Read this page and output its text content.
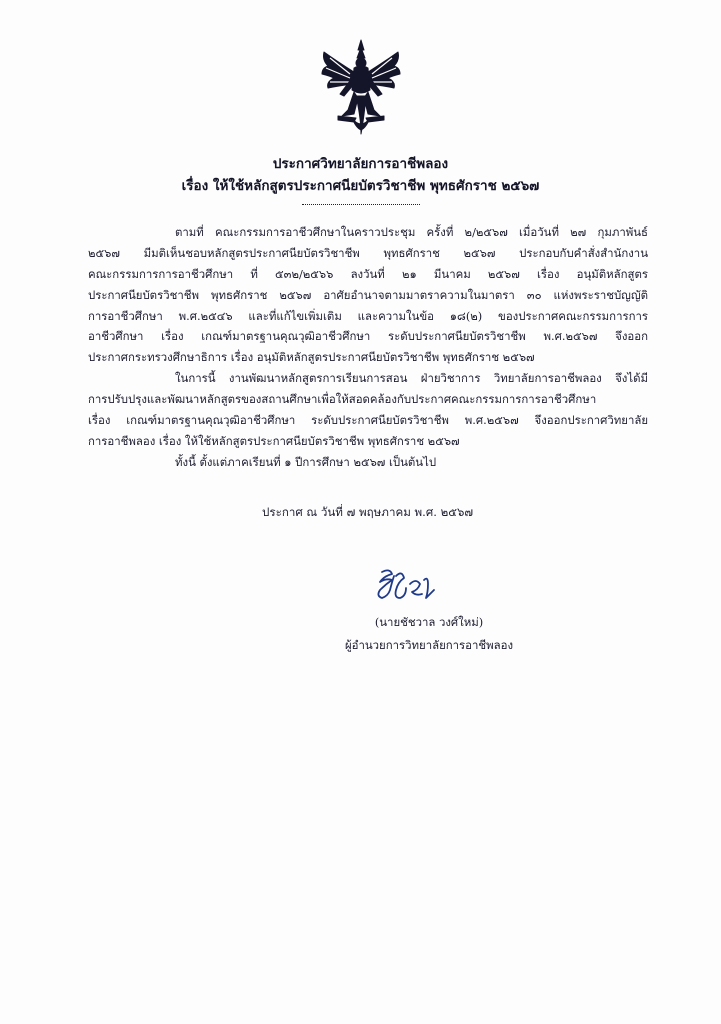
ประกาศวิทยาลัยการอาชีพลอง
เรื่อง ให้ใช้หลักสูตรประกาศนียบัตรวิชาชีพ พุทธศักราช ๒๕๖๗
ตามที่ คณะกรรมการอาชีวศึกษาในคราวประชุม ครั้งที่ ๒/๒๕๖๗ เมื่อวันที่ ๒๗ กุมภาพันธ์
๒๕๖๗ มีมติเห็นชอบหลักสูตรประกาศนียบัตรวิชาชีพ พุทธศักราช ๒๕๖๗ ประกอบกับคำสั่งสำนักงาน
คณะกรรมการการอาชีวศึกษา ที่ ๕๓๒/๒๕๖๖ ลงวันที่ ๒๑ มีนาคม ๒๕๖๗ เรื่อง อนุมัติหลักสูตร
ประกาศนียบัตรวิชาชีพ พุทธศักราช ๒๕๖๗ อาศัยอำนาจตามมาตราความในมาตรา ๓๐ แห่งพระราชบัญญัติ
การอาชีวศึกษา พ.ศ.๒๕๔๖ และที่แก้ไขเพิ่มเติม และความในข้อ ๑๘(๒) ของประกาศคณะกรรมการการ
อาชีวศึกษา เรื่อง เกณฑ์มาตรฐานคุณวุฒิอาชีวศึกษา ระดับประกาศนียบัตรวิชาชีพ พ.ศ.๒๕๖๗ จึงออก
ประกาศกระทรวงศึกษาธิการ เรื่อง อนุมัติหลักสูตรประกาศนียบัตรวิชาชีพ พุทธศักราช ๒๕๖๗
ในการนี้ งานพัฒนาหลักสูตรการเรียนการสอน ฝ่ายวิชาการ วิทยาลัยการอาชีพลอง จึงได้มี
การปรับปรุงและพัฒนาหลักสูตรของสถานศึกษาเพื่อให้สอดคล้องกับประกาศคณะกรรมการการอาชีวศึกษา
เรื่อง เกณฑ์มาตรฐานคุณวุฒิอาชีวศึกษา ระดับประกาศนียบัตรวิชาชีพ พ.ศ.๒๕๖๗ จึงออกประกาศวิทยาลัย
การอาชีพลอง เรื่อง ให้ใช้หลักสูตรประกาศนียบัตรวิชาชีพ พุทธศักราช ๒๕๖๗
ทั้งนี้ ตั้งแต่ภาคเรียนที่ ๑ ปีการศึกษา ๒๕๖๗ เป็นต้นไป
ประกาศ ณ วันที่ ๗ พฤษภาคม พ.ศ. ๒๕๖๗
(นายชัชวาล วงศ์ใหม่)
ผู้อำนวยการวิทยาลัยการอาชีพลอง
